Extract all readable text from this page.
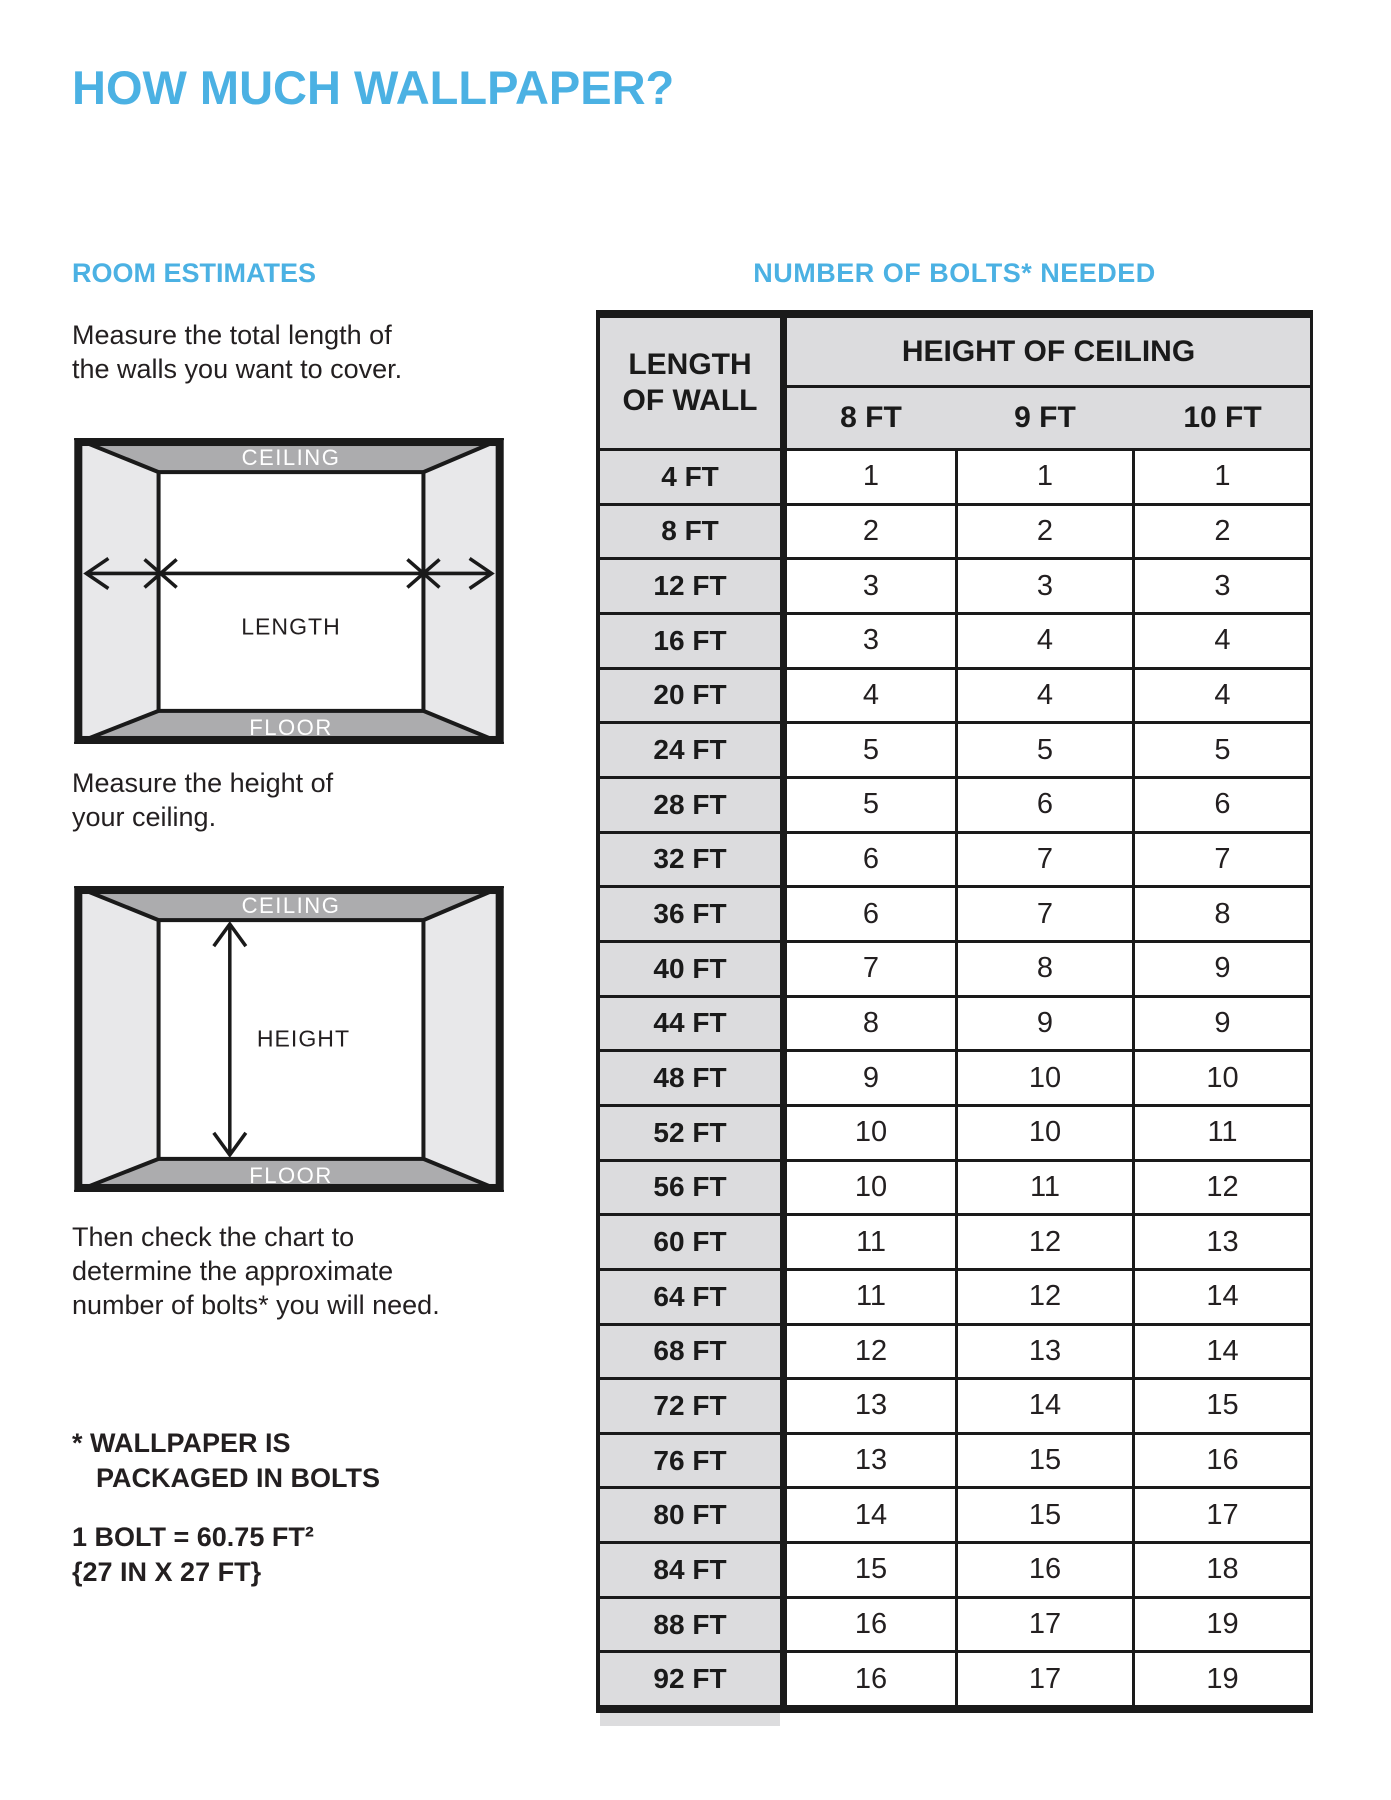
HOW MUCH WALLPAPER?
ROOM ESTIMATES

Measure the total length of
the walls you want to cover.

CEILING
FLOOR
LENGTH

Measure the height of
your ceiling.

CEILING
FLOOR
HEIGHT

Then check the chart to
determine the approximate
number of bolts* you will need.

* WALLPAPER IS
PACKAGED IN BOLTS

1 BOLT = 60.75 FT²
{27 IN X 27 FT}

NUMBER OF BOLTS* NEEDED
LENGTH
OF WALL
HEIGHT OF CEILING
8 FT	9 FT	10 FT
4 FT	1	1	1
8 FT	2	2	2
12 FT	3	3	3
16 FT	3	4	4
20 FT	4	4	4
24 FT	5	5	5
28 FT	5	6	6
32 FT	6	7	7
36 FT	6	7	8
40 FT	7	8	9
44 FT	8	9	9
48 FT	9	10	10
52 FT	10	10	11
56 FT	10	11	12
60 FT	11	12	13
64 FT	11	12	14
68 FT	12	13	14
72 FT	13	14	15
76 FT	13	15	16
80 FT	14	15	17
84 FT	15	16	18
88 FT	16	17	19
92 FT	16	17	19
